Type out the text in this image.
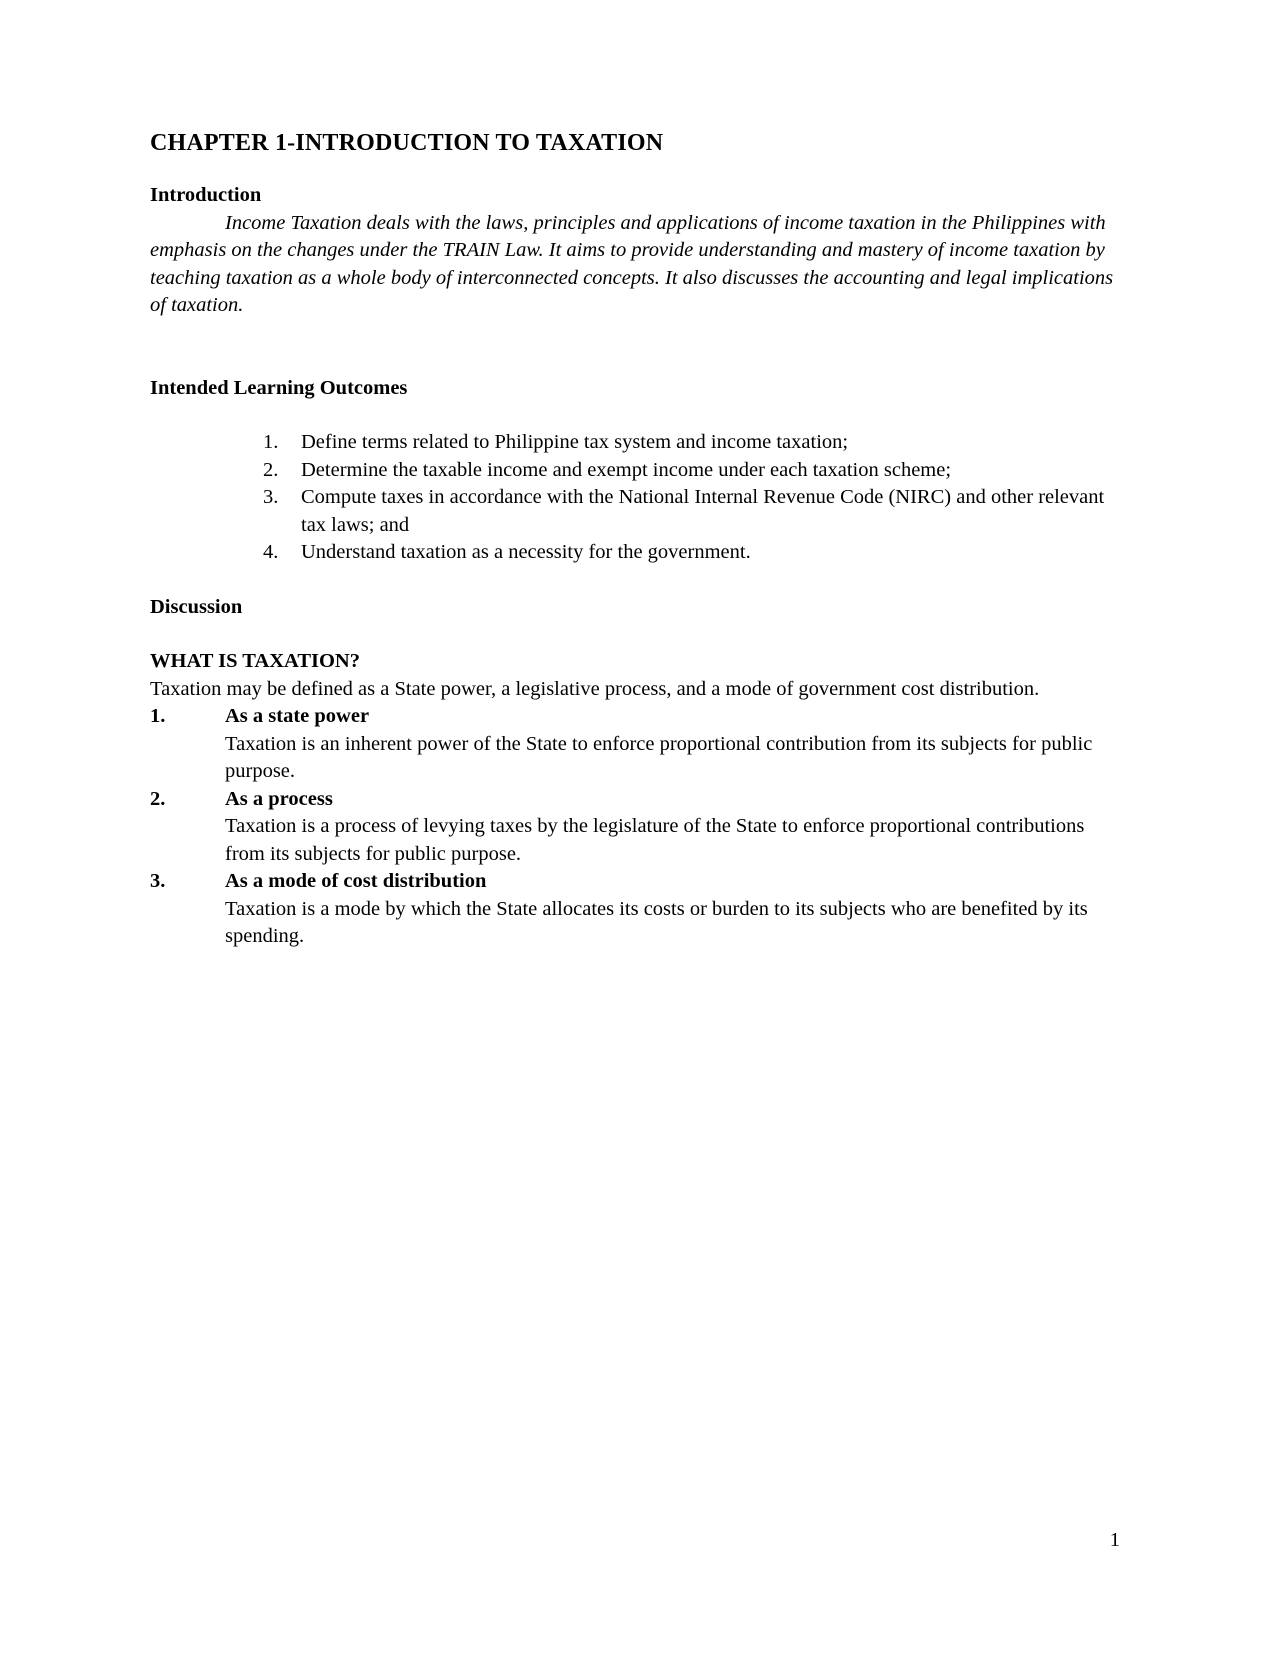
CHAPTER 1-INTRODUCTION TO TAXATION

Introduction

Income Taxation deals with the laws, principles and applications of income taxation in the Philippines with emphasis on the changes under the TRAIN Law. It aims to provide understanding and mastery of income taxation by teaching taxation as a whole body of interconnected concepts. It also discusses the accounting and legal implications of taxation.

Intended Learning Outcomes

1.	Define terms related to Philippine tax system and income taxation;
2.	Determine the taxable income and exempt income under each taxation scheme;
3.	Compute taxes in accordance with the National Internal Revenue Code (NIRC) and other relevant tax laws; and
4.	Understand taxation as a necessity for the government.

Discussion

WHAT IS TAXATION?

Taxation may be defined as a State power, a legislative process, and a mode of government cost distribution.

1.	As a state power
Taxation is an inherent power of the State to enforce proportional contribution from its subjects for public purpose.
2.	As a process
Taxation is a process of levying taxes by the legislature of the State to enforce proportional contributions from its subjects for public purpose.
3.	As a mode of cost distribution
Taxation is a mode by which the State allocates its costs or burden to its subjects who are benefited by its spending.
1
